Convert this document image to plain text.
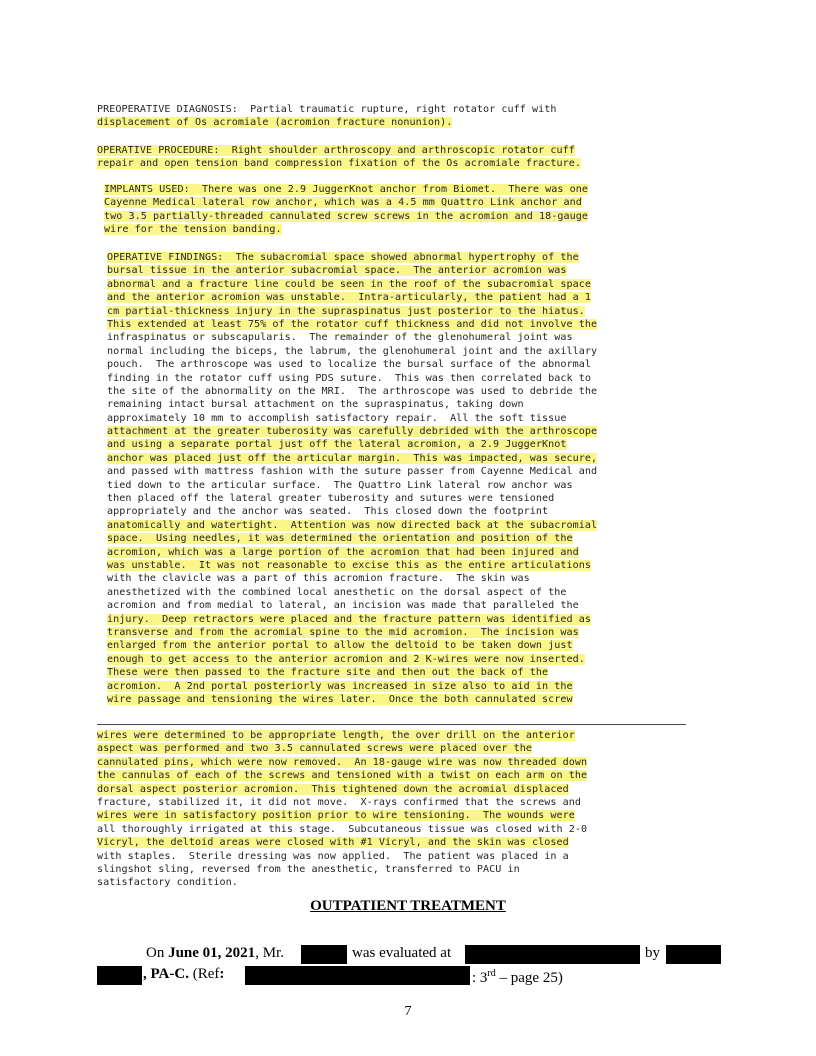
PREOPERATIVE DIAGNOSIS:  Partial traumatic rupture, right rotator cuff with
displacement of Os acromiale (acromion fracture nonunion).
OPERATIVE PROCEDURE:  Right shoulder arthroscopy and arthroscopic rotator cuff
repair and open tension band compression fixation of the Os acromiale fracture.
IMPLANTS USED:  There was one 2.9 JuggerKnot anchor from Biomet.  There was one
Cayenne Medical lateral row anchor, which was a 4.5 mm Quattro Link anchor and
two 3.5 partially-threaded cannulated screw screws in the acromion and 18-gauge
wire for the tension banding.
OPERATIVE FINDINGS:  The subacromial space showed abnormal hypertrophy of the
bursal tissue in the anterior subacromial space.  The anterior acromion was
abnormal and a fracture line could be seen in the roof of the subacromial space
and the anterior acromion was unstable.  Intra-articularly, the patient had a 1
cm partial-thickness injury in the supraspinatus just posterior to the hiatus.
This extended at least 75% of the rotator cuff thickness and did not involve the
infraspinatus or subscapularis.  The remainder of the glenohumeral joint was
normal including the biceps, the labrum, the glenohumeral joint and the axillary
pouch.  The arthroscope was used to localize the bursal surface of the abnormal
finding in the rotator cuff using PDS suture.  This was then correlated back to
the site of the abnormality on the MRI.  The arthroscope was used to debride the
remaining intact bursal attachment on the supraspinatus, taking down
approximately 10 mm to accomplish satisfactory repair.  All the soft tissue
attachment at the greater tuberosity was carefully debrided with the arthroscope
and using a separate portal just off the lateral acromion, a 2.9 JuggerKnot
anchor was placed just off the articular margin.  This was impacted, was secure,
and passed with mattress fashion with the suture passer from Cayenne Medical and
tied down to the articular surface.  The Quattro Link lateral row anchor was
then placed off the lateral greater tuberosity and sutures were tensioned
appropriately and the anchor was seated.  This closed down the footprint
anatomically and watertight.  Attention was now directed back at the subacromial
space.  Using needles, it was determined the orientation and position of the
acromion, which was a large portion of the acromion that had been injured and
was unstable.  It was not reasonable to excise this as the entire articulations
with the clavicle was a part of this acromion fracture.  The skin was
anesthetized with the combined local anesthetic on the dorsal aspect of the
acromion and from medial to lateral, an incision was made that paralleled the
injury.  Deep retractors were placed and the fracture pattern was identified as
transverse and from the acromial spine to the mid acromion.  The incision was
enlarged from the anterior portal to allow the deltoid to be taken down just
enough to get access to the anterior acromion and 2 K-wires were now inserted.
These were then passed to the fracture site and then out the back of the
acromion.  A 2nd portal posteriorly was increased in size also to aid in the
wire passage and tensioning the wires later.  Once the both cannulated screw
wires were determined to be appropriate length, the over drill on the anterior
aspect was performed and two 3.5 cannulated screws were placed over the
cannulated pins, which were now removed.  An 18-gauge wire was now threaded down
the cannulas of each of the screws and tensioned with a twist on each arm on the
dorsal aspect posterior acromion.  This tightened down the acromial displaced
fracture, stabilized it, it did not move.  X-rays confirmed that the screws and
wires were in satisfactory position prior to wire tensioning.  The wounds were
all thoroughly irrigated at this stage.  Subcutaneous tissue was closed with 2-0
Vicryl, the deltoid areas were closed with #1 Vicryl, and the skin was closed
with staples.  Sterile dressing was now applied.  The patient was placed in a
slingshot sling, reversed from the anesthetic, transferred to PACU in
satisfactory condition.
OUTPATIENT TREATMENT
On June 01, 2021, Mr.	was evaluated at	by
, PA-C. (Ref:	: 3rd – page 25)
7
